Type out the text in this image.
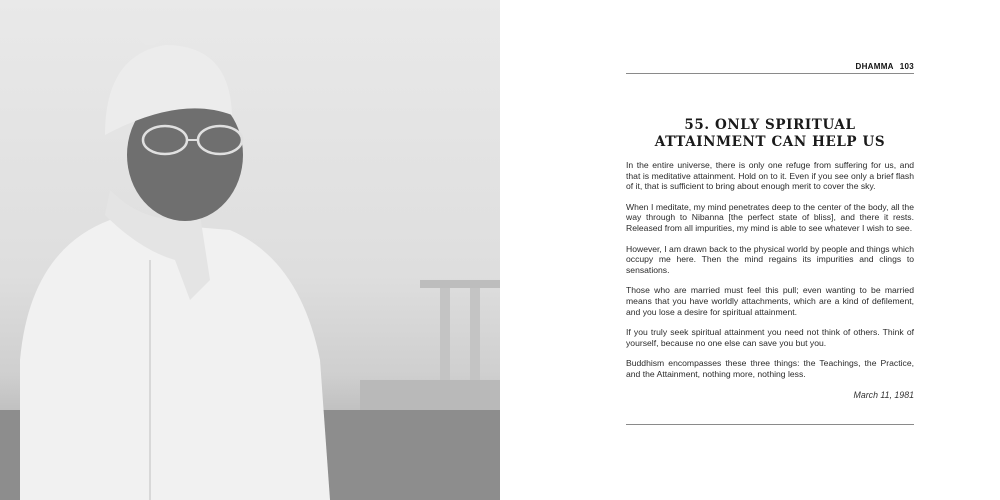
DHAMMA 103
55. ONLY SPIRITUAL
ATTAINMENT CAN HELP US

In the entire universe, there is only one refuge from suffering for us, and that is meditative attainment. Hold on to it. Even if you see only a brief flash of it, that is sufficient to bring about enough merit to cover the sky.

When I meditate, my mind penetrates deep to the center of the body, all the way through to Nibanna [the perfect state of bliss], and there it rests. Released from all impurities, my mind is able to see whatever I wish to see.

However, I am drawn back to the physical world by people and things which occupy me here. Then the mind regains its impurities and clings to sensations.

Those who are married must feel this pull; even wanting to be married means that you have worldly attachments, which are a kind of defilement, and you lose a desire for spiritual attainment.

If you truly seek spiritual attainment you need not think of others. Think of yourself, because no one else can save you but you.

Buddhism encompasses these three things: the Teachings, the Practice, and the Attainment, nothing more, nothing less.

March 11, 1981
